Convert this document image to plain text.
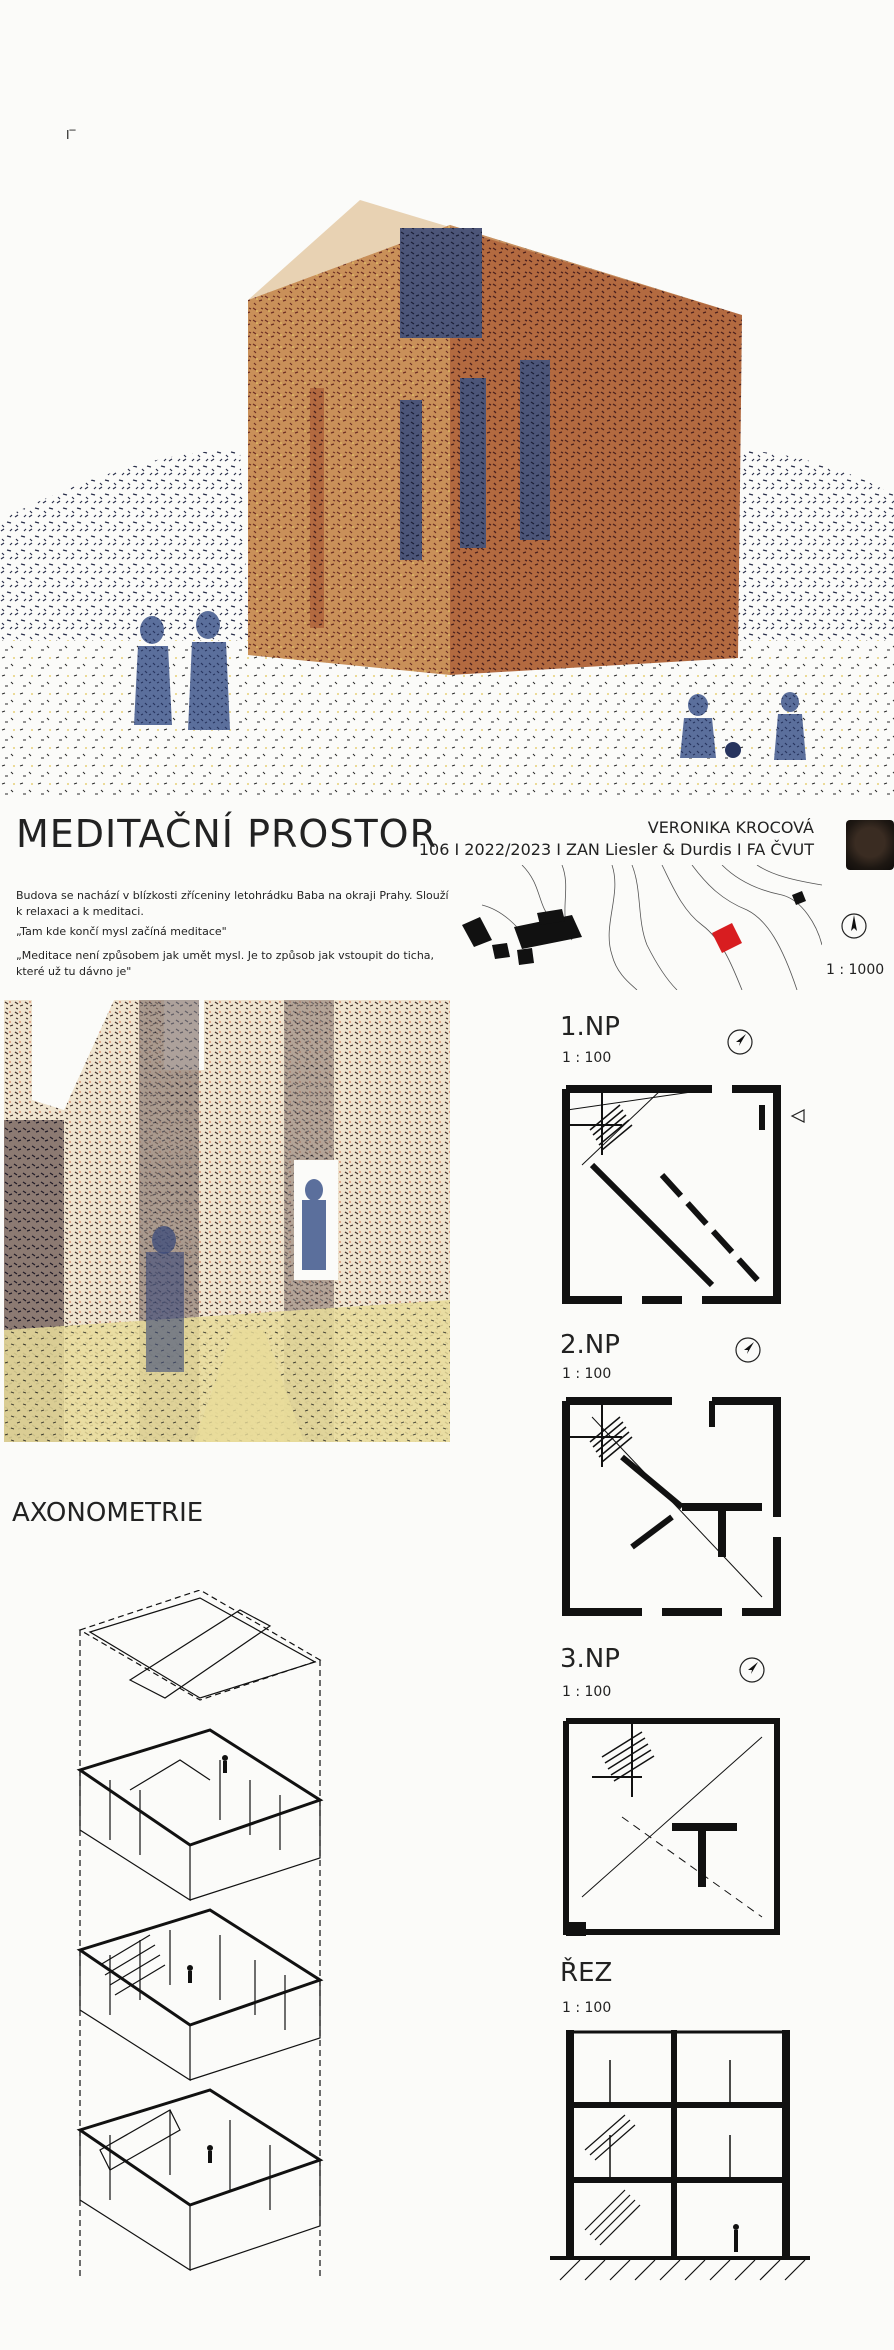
I‾
MEDITAČNÍ PROSTOR	VERONIKA KROCOVÁ
106 I 2022/2023 I ZAN Liesler & Durdis I FA ČVUT
Budova se nachází v blízkosti zříceniny letohrádku Baba na okraji Prahy. Slouží k relaxaci a k meditaci.
„Tam kde končí mysl začíná meditace"
„Meditace není způsobem jak umět mysl. Je to způsob jak vstoupit do ticha, které už tu dávno je"	1 : 1000
AXONOMETRIE
1.NP
1 : 100
2.NP
1 : 100
3.NP
1 : 100
ŘEZ
1 : 100
